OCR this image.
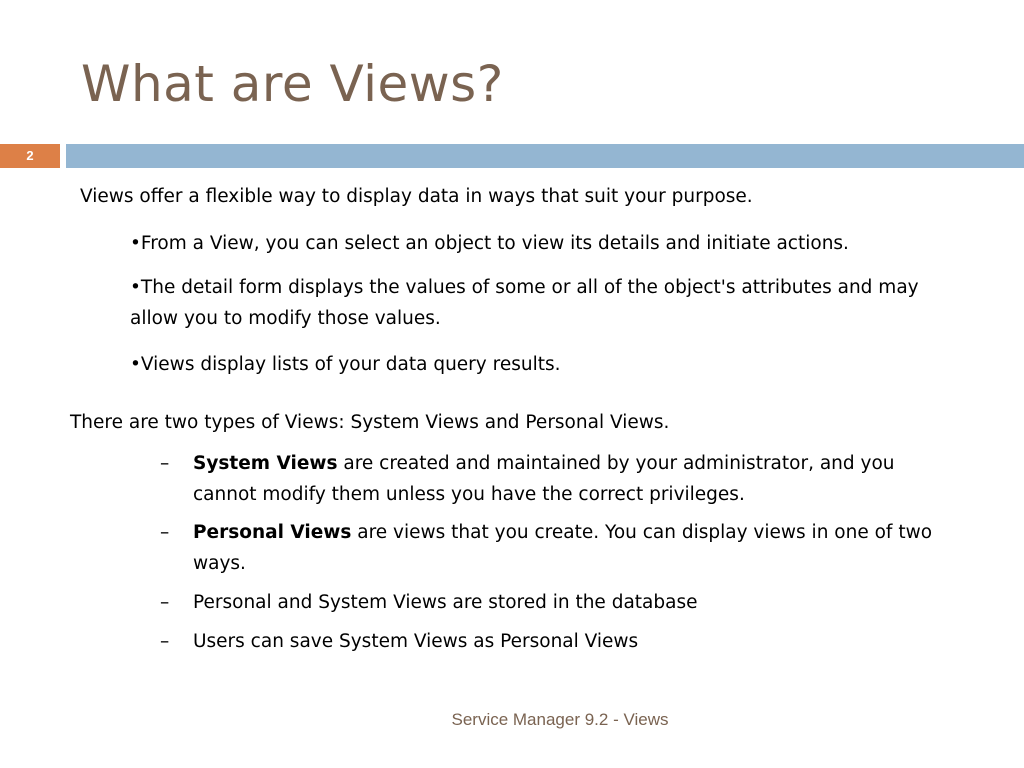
What are Views?
2

Views offer a flexible way to display data in ways that suit your purpose.

•From a View, you can select an object to view its details and initiate actions.

•The detail form displays the values of some or all of the object's attributes and may allow you to modify those values.

•Views display lists of your data query results.

There are two types of Views: System Views and Personal Views.

–	System Views are created and maintained by your administrator, and you cannot modify them unless you have the correct privileges.
–	Personal Views are views that you create. You can display views in one of two ways.
–	Personal and System Views are stored in the database
–	Users can save System Views as Personal Views
Service Manager 9.2 - Views
